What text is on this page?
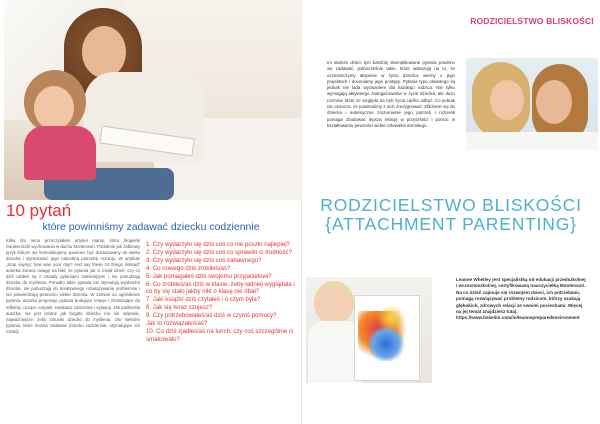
10 pytań
które powinniśmy zadawać dziecku codziennie

Kilka dni temu przeczytałam artykuł mamy, która blogeirki zwolenniczki wychowania w duchu Montessori. Podobnie jak żabkowy język którym się komunikujemy powinien być dostosowany do wieku dziecka i stymulować jego naturalną potrzebę rozwoju. W artykule „Stop saying: how was your day? And say these 10 things instead” autorka zwraca uwagę na fakt, że pytania jak ci minął dzień, czy co dziś robiłeś są z zasady pytaniami zamkniętymi i nie pobudzają dziecka do myślenia. Ponadto takie pytania nie stymulują wyobraźni dziecka, nie pobudzają do kreatywnego rozwiązywania problemów i nie potwierdzają pewności siebie dziecka. W zamian za ogólnikowe pytania, autorka proponuje pytania budujące relacje i zmuszające do refleksji, uczące empatii, ewaluacji zdarzenia i sytuacji. Jak podkreśla autorka, nie jest istotne jak bogate dziecko ma nie odpowie, najważniejsze: żeby zmusiło dziecko do myślenia. Oto niektóre pytania, które można zadawać dziecku codziennie, stymulujące ich rozwój.

1. Czy wydarzyło się dziś coś co nie poszło najlepiej?
2. Czy wydarzyło się dziś coś co sprawiło ci trudność?
3. Czy wydarzyło się dziś coś zabawnego?
4. Co nowego dziś zrobiłeś/aś?
5. Jak pomagałeś dziś swojemu przyjacielowi?
6. Co zrobiłeś/aś dziś w klasie, żeby ładniej wyglądała i co by się stało jakby nikt o klasę nie dbał?
7. Jaki książki dziś czytałeś i o czym była?
8. Jak się teraz czujesz?
9. Czy potrzebowałeś/aś dziś w czymś pomocy?
Jak to rozwiązałeś/aś?
10. Co dziś zjadłeś/aś na lunch, czy coś szczególnie ci smakowało?
RODZICIELSTWO BLISKOŚCI

Im starsze dzieci tym bardziej skomplikowane pytania powinno się zadawać, jednocześnie takie, które wskazują na to, że uczestniczymy aktywnie w życiu dziecka, wiemy o jego projektach i doceniamy jego postępy. Pytania typu otwartego są jednak nie lada wyzwaniem dla każdego rodzica. Nie tylko wymagają aktywnego zaangażowania w życie dziecka, ale dużo rozmów, które ze względu na tryb życia ciężko odbyć. Co jednak nie oznacza, że powinniśmy z nich zrezygnować. Zbliżenie się do dziecka i autentyczne zrozumienie jego potrzeb i rozterek pomaga zbudować lepszą relację w przyszłości i pomóc w kształtowaniu pewności siebie człowieka dorosłego.

RODZICIELSTWO BLISKOŚCI
{ATTACHMENT PARENTING}

Leanne Whetley jest specjalistką od edukacji przedszkolnej i wczesnoszkolnej, certyfikowaną nauczycielką Montessori. Na co dzień zajmuje się rozwojem dzieci, ich potrzebami, pomagą rozwiązywać problemy rodzicom, którzy szukają głębokich, zdrowych relacji ze swoimi pociechami. Więcej na jej temat znajdziesz tutaj: https://www.linkedin.com/in/leannepreparedenvironment
